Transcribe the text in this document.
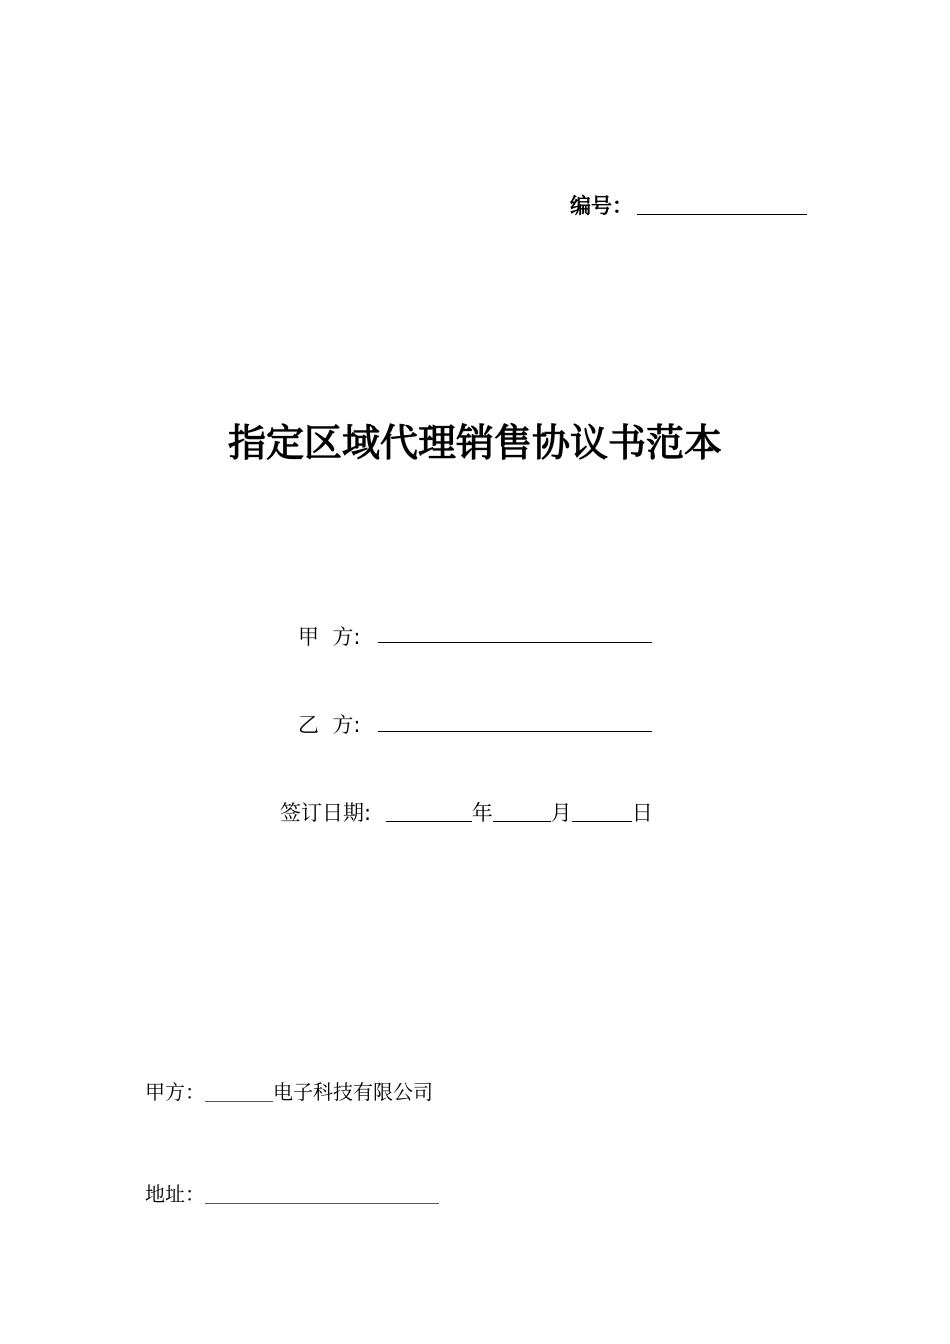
编号：
指定区域代理销售协议书范本
甲  方:
乙  方:
签订日期:	年	月	日
甲方：	电子科技有限公司
地址：
